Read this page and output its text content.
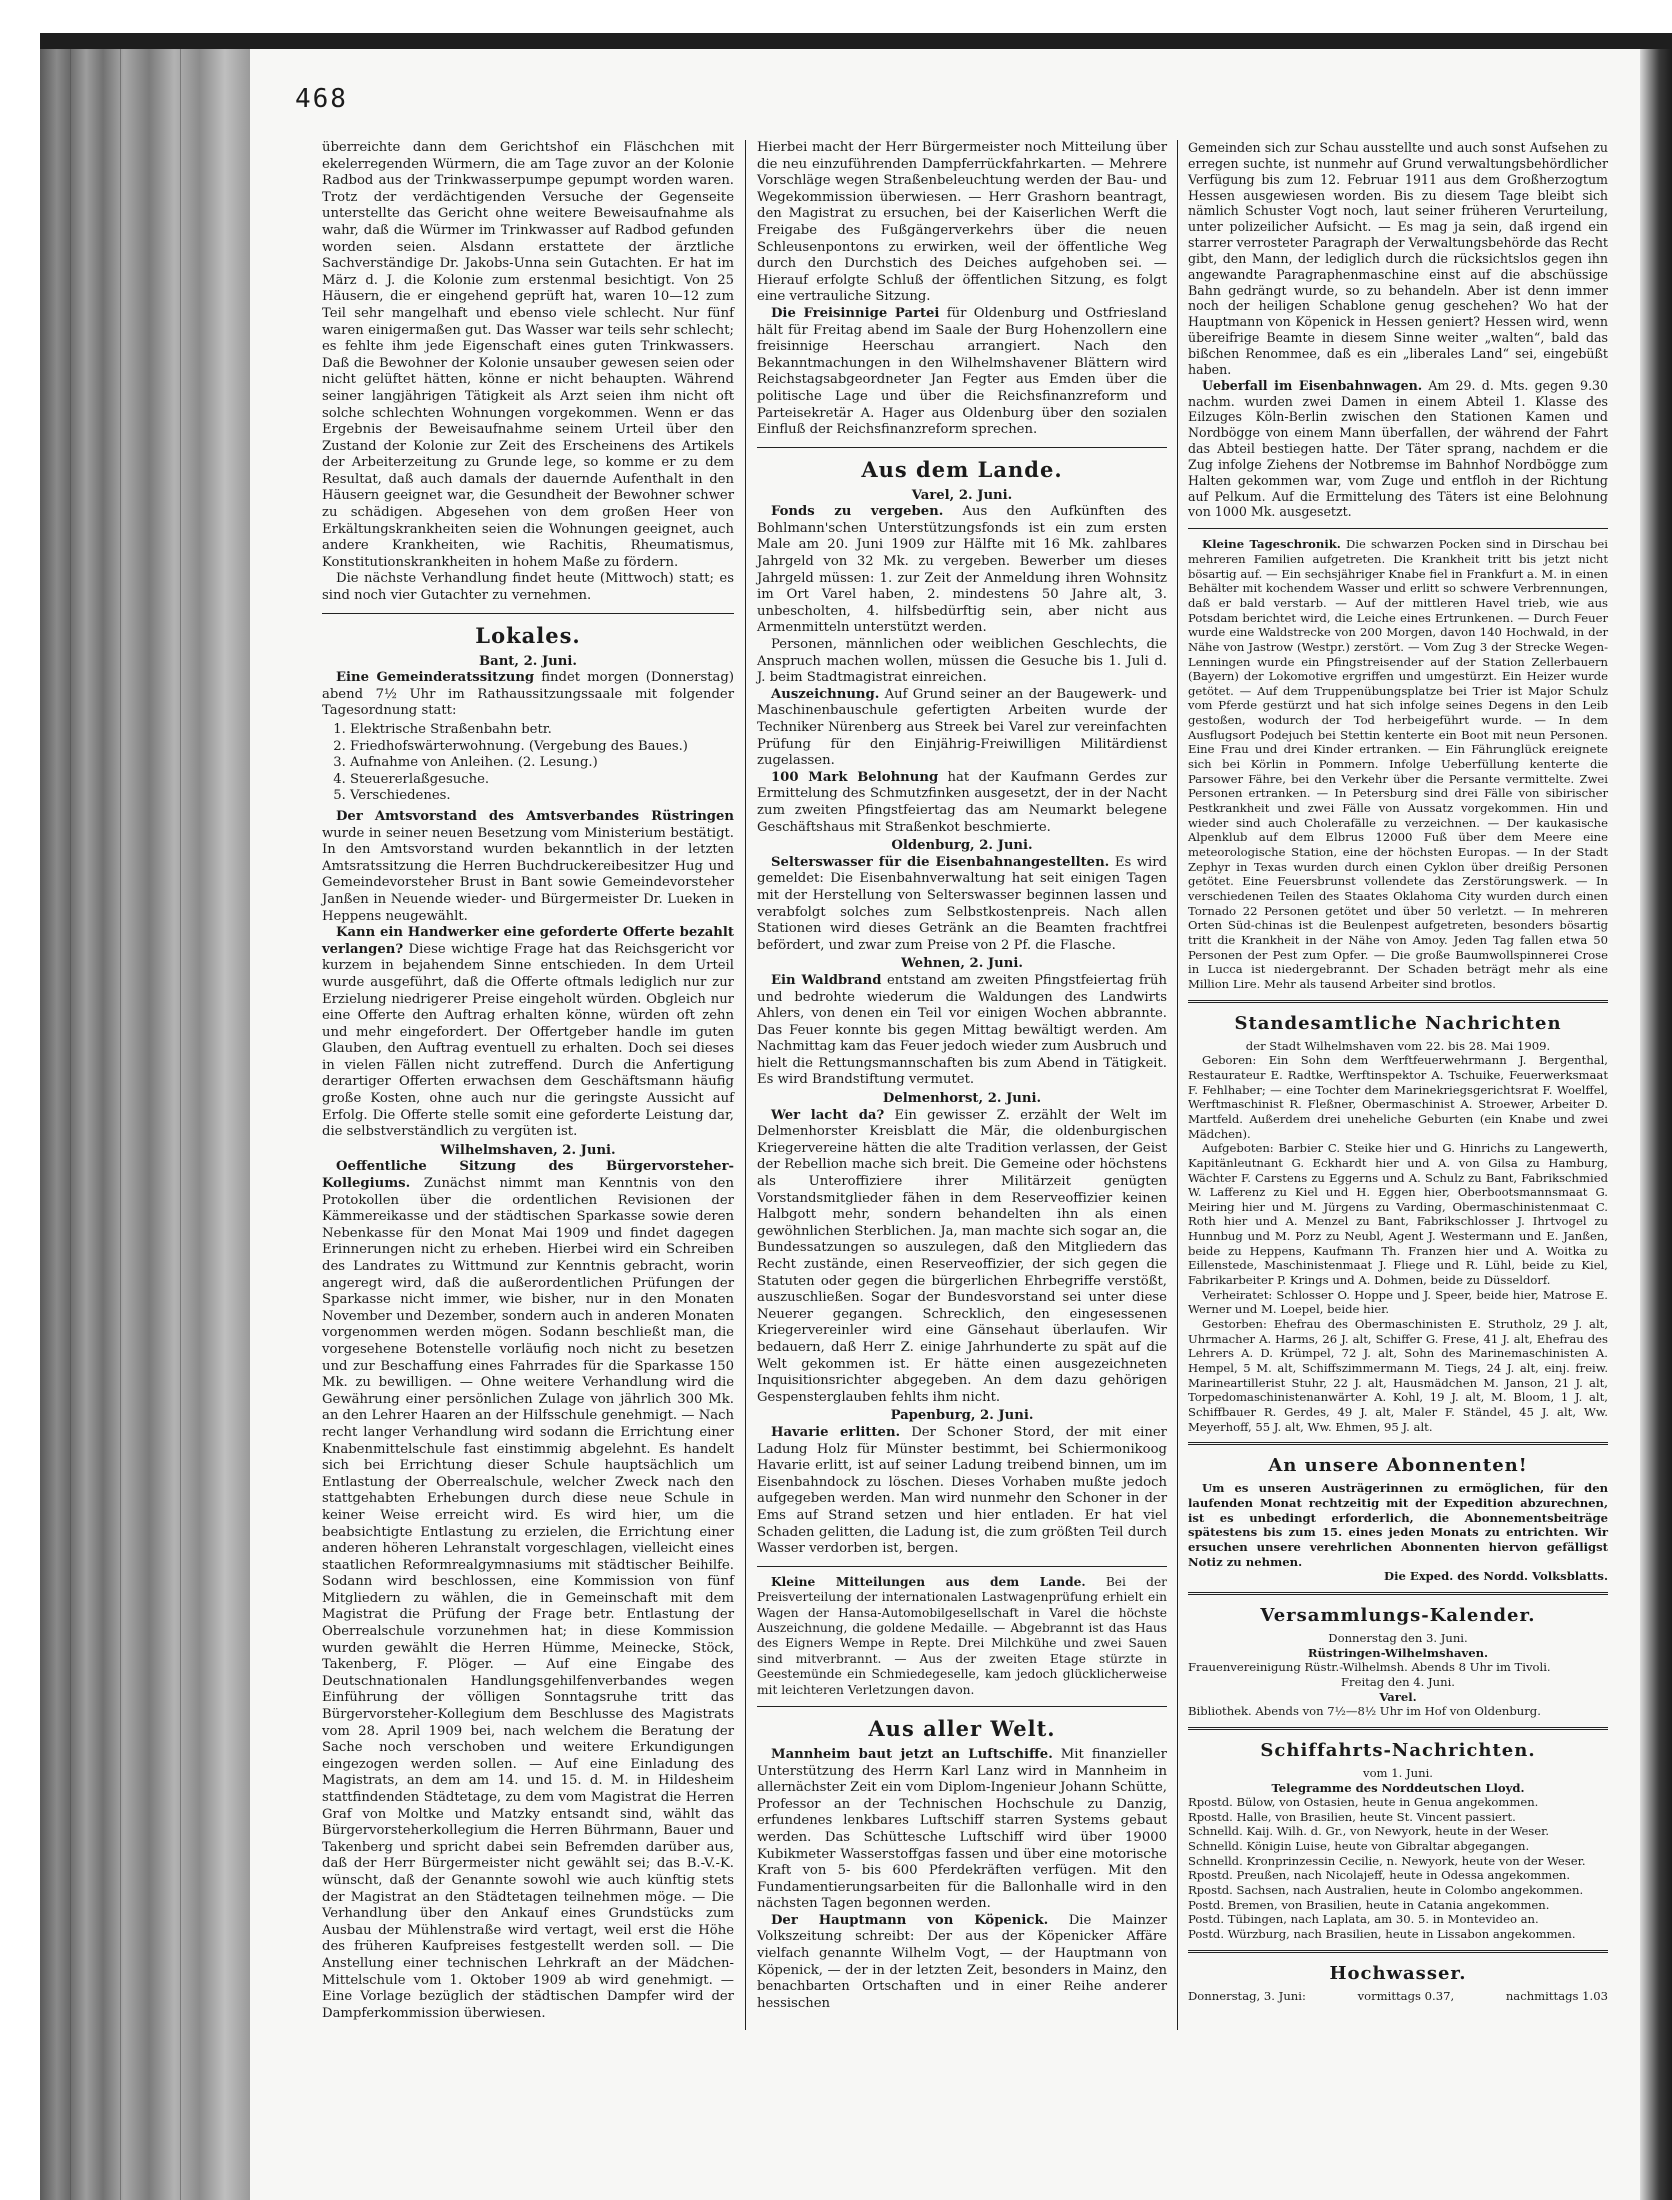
468

überreichte dann dem Gerichtshof ein Fläschchen mit ekelerregenden Würmern, die am Tage zuvor an der Kolonie Radbod aus der Trinkwasserpumpe gepumpt worden waren. Trotz der verdächtigenden Versuche der Gegenseite unterstellte das Gericht ohne weitere Beweisaufnahme als wahr, daß die Würmer im Trinkwasser auf Radbod gefunden worden seien. Alsdann erstattete der ärztliche Sachverständige Dr. Jakobs-Unna sein Gutachten. Er hat im März d. J. die Kolonie zum erstenmal besichtigt. Von 25 Häusern, die er eingehend geprüft hat, waren 10—12 zum Teil sehr mangelhaft und ebenso viele schlecht. Nur fünf waren einigermaßen gut. Das Wasser war teils sehr schlecht; es fehlte ihm jede Eigenschaft eines guten Trinkwassers. Daß die Bewohner der Kolonie unsauber gewesen seien oder nicht gelüftet hätten, könne er nicht behaupten. Während seiner langjährigen Tätigkeit als Arzt seien ihm nicht oft solche schlechten Wohnungen vorgekommen. Wenn er das Ergebnis der Beweisaufnahme seinem Urteil über den Zustand der Kolonie zur Zeit des Erscheinens des Artikels der Arbeiterzeitung zu Grunde lege, so komme er zu dem Resultat, daß auch damals der dauernde Aufenthalt in den Häusern geeignet war, die Gesundheit der Bewohner schwer zu schädigen. Abgesehen von dem großen Heer von Erkältungskrankheiten seien die Wohnungen geeignet, auch andere Krankheiten, wie Rachitis, Rheumatismus, Konstitutionskrankheiten in hohem Maße zu fördern.

Die nächste Verhandlung findet heute (Mittwoch) statt; es sind noch vier Gutachter zu vernehmen.

Lokales.
Bant, 2. Juni.

Eine Gemeinderatssitzung findet morgen (Donnerstag) abend 7½ Uhr im Rathaussitzungssaale mit folgender Tagesordnung statt:

1. Elektrische Straßenbahn betr.
2. Friedhofswärterwohnung. (Vergebung des Baues.)
3. Aufnahme von Anleihen. (2. Lesung.)
4. Steuererlaßgesuche.
5. Verschiedenes.

Der Amtsvorstand des Amtsverbandes Rüstringen wurde in seiner neuen Besetzung vom Ministerium bestätigt. In den Amtsvorstand wurden bekanntlich in der letzten Amtsratssitzung die Herren Buchdruckereibesitzer Hug und Gemeindevorsteher Brust in Bant sowie Gemeindevorsteher Janßen in Neuende wieder- und Bürgermeister Dr. Lueken in Heppens neugewählt.

Kann ein Handwerker eine geforderte Offerte bezahlt verlangen? Diese wichtige Frage hat das Reichsgericht vor kurzem in bejahendem Sinne entschieden. In dem Urteil wurde ausgeführt, daß die Offerte oftmals lediglich nur zur Erzielung niedrigerer Preise eingeholt würden. Obgleich nur eine Offerte den Auftrag erhalten könne, würden oft zehn und mehr eingefordert. Der Offertgeber handle im guten Glauben, den Auftrag eventuell zu erhalten. Doch sei dieses in vielen Fällen nicht zutreffend. Durch die Anfertigung derartiger Offerten erwachsen dem Geschäftsmann häufig große Kosten, ohne auch nur die geringste Aussicht auf Erfolg. Die Offerte stelle somit eine geforderte Leistung dar, die selbstverständlich zu vergüten ist.

Wilhelmshaven, 2. Juni.

Oeffentliche Sitzung des Bürgervorsteher-Kollegiums. Zunächst nimmt man Kenntnis von den Protokollen über die ordentlichen Revisionen der Kämmereikasse und der städtischen Sparkasse sowie deren Nebenkasse für den Monat Mai 1909 und findet dagegen Erinnerungen nicht zu erheben. Hierbei wird ein Schreiben des Landrates zu Wittmund zur Kenntnis gebracht, worin angeregt wird, daß die außerordentlichen Prüfungen der Sparkasse nicht immer, wie bisher, nur in den Monaten November und Dezember, sondern auch in anderen Monaten vorgenommen werden mögen. Sodann beschließt man, die vorgesehene Botenstelle vorläufig noch nicht zu besetzen und zur Beschaffung eines Fahrrades für die Sparkasse 150 Mk. zu bewilligen. — Ohne weitere Verhandlung wird die Gewährung einer persönlichen Zulage von jährlich 300 Mk. an den Lehrer Haaren an der Hilfsschule genehmigt. — Nach recht langer Verhandlung wird sodann die Errichtung einer Knabenmittelschule fast einstimmig abgelehnt. Es handelt sich bei Errichtung dieser Schule hauptsächlich um Entlastung der Oberrealschule, welcher Zweck nach den stattgehabten Erhebungen durch diese neue Schule in keiner Weise erreicht wird. Es wird hier, um die beabsichtigte Entlastung zu erzielen, die Errichtung einer anderen höheren Lehranstalt vorgeschlagen, vielleicht eines staatlichen Reformrealgymnasiums mit städtischer Beihilfe. Sodann wird beschlossen, eine Kommission von fünf Mitgliedern zu wählen, die in Gemeinschaft mit dem Magistrat die Prüfung der Frage betr. Entlastung der Oberrealschule vorzunehmen hat; in diese Kommission wurden gewählt die Herren Hümme, Meinecke, Stöck, Takenberg, F. Plöger. — Auf eine Eingabe des Deutschnationalen Handlungsgehilfenverbandes wegen Einführung der völligen Sonntagsruhe tritt das Bürgervorsteher-Kollegium dem Beschlusse des Magistrats vom 28. April 1909 bei, nach welchem die Beratung der Sache noch verschoben und weitere Erkundigungen eingezogen werden sollen. — Auf eine Einladung des Magistrats, an dem am 14. und 15. d. M. in Hildesheim stattfindenden Städtetage, zu dem vom Magistrat die Herren Graf von Moltke und Matzky entsandt sind, wählt das Bürgervorsteherkollegium die Herren Bührmann, Bauer und Takenberg und spricht dabei sein Befremden darüber aus, daß der Herr Bürgermeister nicht gewählt sei; das B.-V.-K. wünscht, daß der Genannte sowohl wie auch künftig stets der Magistrat an den Städtetagen teilnehmen möge. — Die Verhandlung über den Ankauf eines Grundstücks zum Ausbau der Mühlenstraße wird vertagt, weil erst die Höhe des früheren Kaufpreises festgestellt werden soll. — Die Anstellung einer technischen Lehrkraft an der Mädchen-Mittelschule vom 1. Oktober 1909 ab wird genehmigt. — Eine Vorlage bezüglich der städtischen Dampfer wird der Dampferkommission überwiesen.

Hierbei macht der Herr Bürgermeister noch Mitteilung über die neu einzuführenden Dampferrückfahrkarten. — Mehrere Vorschläge wegen Straßenbeleuchtung werden der Bau- und Wegekommission überwiesen. — Herr Grashorn beantragt, den Magistrat zu ersuchen, bei der Kaiserlichen Werft die Freigabe des Fußgängerverkehrs über die neuen Schleusenpontons zu erwirken, weil der öffentliche Weg durch den Durchstich des Deiches aufgehoben sei. — Hierauf erfolgte Schluß der öffentlichen Sitzung, es folgt eine vertrauliche Sitzung.

Die Freisinnige Partei für Oldenburg und Ostfriesland hält für Freitag abend im Saale der Burg Hohenzollern eine freisinnige Heerschau arrangiert. Nach den Bekanntmachungen in den Wilhelmshavener Blättern wird Reichstagsabgeordneter Jan Fegter aus Emden über die politische Lage und über die Reichsfinanzreform und Parteisekretär A. Hager aus Oldenburg über den sozialen Einfluß der Reichsfinanzreform sprechen.

Aus dem Lande.
Varel, 2. Juni.

Fonds zu vergeben. Aus den Aufkünften des Bohlmann'schen Unterstützungsfonds ist ein zum ersten Male am 20. Juni 1909 zur Hälfte mit 16 Mk. zahlbares Jahrgeld von 32 Mk. zu vergeben. Bewerber um dieses Jahrgeld müssen: 1. zur Zeit der Anmeldung ihren Wohnsitz im Ort Varel haben, 2. mindestens 50 Jahre alt, 3. unbescholten, 4. hilfsbedürftig sein, aber nicht aus Armenmitteln unterstützt werden.

Personen, männlichen oder weiblichen Geschlechts, die Anspruch machen wollen, müssen die Gesuche bis 1. Juli d. J. beim Stadtmagistrat einreichen.

Auszeichnung. Auf Grund seiner an der Baugewerk- und Maschinenbauschule gefertigten Arbeiten wurde der Techniker Nürenberg aus Streek bei Varel zur vereinfachten Prüfung für den Einjährig-Freiwilligen Militärdienst zugelassen.

100 Mark Belohnung hat der Kaufmann Gerdes zur Ermittelung des Schmutzfinken ausgesetzt, der in der Nacht zum zweiten Pfingstfeiertag das am Neumarkt belegene Geschäftshaus mit Straßenkot beschmierte.

Oldenburg, 2. Juni.

Selterswasser für die Eisenbahnangestellten. Es wird gemeldet: Die Eisenbahnverwaltung hat seit einigen Tagen mit der Herstellung von Selterswasser beginnen lassen und verabfolgt solches zum Selbstkostenpreis. Nach allen Stationen wird dieses Getränk an die Beamten frachtfrei befördert, und zwar zum Preise von 2 Pf. die Flasche.

Wehnen, 2. Juni.

Ein Waldbrand entstand am zweiten Pfingstfeiertag früh und bedrohte wiederum die Waldungen des Landwirts Ahlers, von denen ein Teil vor einigen Wochen abbrannte. Das Feuer konnte bis gegen Mittag bewältigt werden. Am Nachmittag kam das Feuer jedoch wieder zum Ausbruch und hielt die Rettungsmannschaften bis zum Abend in Tätigkeit. Es wird Brandstiftung vermutet.

Delmenhorst, 2. Juni.

Wer lacht da? Ein gewisser Z. erzählt der Welt im Delmenhorster Kreisblatt die Mär, die oldenburgischen Kriegervereine hätten die alte Tradition verlassen, der Geist der Rebellion mache sich breit. Die Gemeine oder höchstens als Unteroffiziere ihrer Militärzeit genügten Vorstandsmitglieder fähen in dem Reserveoffizier keinen Halbgott mehr, sondern behandelten ihn als einen gewöhnlichen Sterblichen. Ja, man machte sich sogar an, die Bundessatzungen so auszulegen, daß den Mitgliedern das Recht zustände, einen Reserveoffizier, der sich gegen die Statuten oder gegen die bürgerlichen Ehrbegriffe verstößt, auszuschließen. Sogar der Bundesvorstand sei unter diese Neuerer gegangen. Schrecklich, den eingesessenen Kriegervereinler wird eine Gänsehaut überlaufen. Wir bedauern, daß Herr Z. einige Jahrhunderte zu spät auf die Welt gekommen ist. Er hätte einen ausgezeichneten Inquisitionsrichter abgegeben. An dem dazu gehörigen Gespensterglauben fehlts ihm nicht.

Papenburg, 2. Juni.

Havarie erlitten. Der Schoner Stord, der mit einer Ladung Holz für Münster bestimmt, bei Schiermonikoog Havarie erlitt, ist auf seiner Ladung treibend binnen, um im Eisenbahndock zu löschen. Dieses Vorhaben mußte jedoch aufgegeben werden. Man wird nunmehr den Schoner in der Ems auf Strand setzen und hier entladen. Er hat viel Schaden gelitten, die Ladung ist, die zum größten Teil durch Wasser verdorben ist, bergen.

Kleine Mitteilungen aus dem Lande. Bei der Preisverteilung der internationalen Lastwagenprüfung erhielt ein Wagen der Hansa-Automobilgesellschaft in Varel die höchste Auszeichnung, die goldene Medaille. — Abgebrannt ist das Haus des Eigners Wempe in Repte. Drei Milchkühe und zwei Sauen sind mitverbrannt. — Aus der zweiten Etage stürzte in Geestemünde ein Schmiedegeselle, kam jedoch glücklicherweise mit leichteren Verletzungen davon.

Aus aller Welt.

Mannheim baut jetzt an Luftschiffe. Mit finanzieller Unterstützung des Herrn Karl Lanz wird in Mannheim in allernächster Zeit ein vom Diplom-Ingenieur Johann Schütte, Professor an der Technischen Hochschule zu Danzig, erfundenes lenkbares Luftschiff starren Systems gebaut werden. Das Schüttesche Luftschiff wird über 19000 Kubikmeter Wasserstoffgas fassen und über eine motorische Kraft von 5- bis 600 Pferdekräften verfügen. Mit den Fundamentierungsarbeiten für die Ballonhalle wird in den nächsten Tagen begonnen werden.

Der Hauptmann von Köpenick. Die Mainzer Volkszeitung schreibt: Der aus der Köpenicker Affäre vielfach genannte Wilhelm Vogt, — der Hauptmann von Köpenick, — der in der letzten Zeit, besonders in Mainz, den benachbarten Ortschaften und in einer Reihe anderer hessischen

Gemeinden sich zur Schau ausstellte und auch sonst Aufsehen zu erregen suchte, ist nunmehr auf Grund verwaltungsbehördlicher Verfügung bis zum 12. Februar 1911 aus dem Großherzogtum Hessen ausgewiesen worden. Bis zu diesem Tage bleibt sich nämlich Schuster Vogt noch, laut seiner früheren Verurteilung, unter polizeilicher Aufsicht. — Es mag ja sein, daß irgend ein starrer verrosteter Paragraph der Verwaltungsbehörde das Recht gibt, den Mann, der lediglich durch die rücksichtslos gegen ihn angewandte Paragraphenmaschine einst auf die abschüssige Bahn gedrängt wurde, so zu behandeln. Aber ist denn immer noch der heiligen Schablone genug geschehen? Wo hat der Hauptmann von Köpenick in Hessen geniert? Hessen wird, wenn übereifrige Beamte in diesem Sinne weiter „walten“, bald das bißchen Renommee, daß es ein „liberales Land“ sei, eingebüßt haben.

Ueberfall im Eisenbahnwagen. Am 29. d. Mts. gegen 9.30 nachm. wurden zwei Damen in einem Abteil 1. Klasse des Eilzuges Köln-Berlin zwischen den Stationen Kamen und Nordbögge von einem Mann überfallen, der während der Fahrt das Abteil bestiegen hatte. Der Täter sprang, nachdem er die Zug infolge Ziehens der Notbremse im Bahnhof Nordbögge zum Halten gekommen war, vom Zuge und entfloh in der Richtung auf Pelkum. Auf die Ermittelung des Täters ist eine Belohnung von 1000 Mk. ausgesetzt.

Kleine Tageschronik. Die schwarzen Pocken sind in Dirschau bei mehreren Familien aufgetreten. Die Krankheit tritt bis jetzt nicht bösartig auf. — Ein sechsjähriger Knabe fiel in Frankfurt a. M. in einen Behälter mit kochendem Wasser und erlitt so schwere Verbrennungen, daß er bald verstarb. — Auf der mittleren Havel trieb, wie aus Potsdam berichtet wird, die Leiche eines Ertrunkenen. — Durch Feuer wurde eine Waldstrecke von 200 Morgen, davon 140 Hochwald, in der Nähe von Jastrow (Westpr.) zerstört. — Vom Zug 3 der Strecke Wegen-Lenningen wurde ein Pfingstreisender auf der Station Zellerbauern (Bayern) der Lokomotive ergriffen und umgestürzt. Ein Heizer wurde getötet. — Auf dem Truppenübungsplatze bei Trier ist Major Schulz vom Pferde gestürzt und hat sich infolge seines Degens in den Leib gestoßen, wodurch der Tod herbeigeführt wurde. — In dem Ausflugsort Podejuch bei Stettin kenterte ein Boot mit neun Personen. Eine Frau und drei Kinder ertranken. — Ein Fährunglück ereignete sich bei Körlin in Pommern. Infolge Ueberfüllung kenterte die Parsower Fähre, bei den Verkehr über die Persante vermittelte. Zwei Personen ertranken. — In Petersburg sind drei Fälle von sibirischer Pestkrankheit und zwei Fälle von Aussatz vorgekommen. Hin und wieder sind auch Cholerafälle zu verzeichnen. — Der kaukasische Alpenklub auf dem Elbrus 12000 Fuß über dem Meere eine meteorologische Station, eine der höchsten Europas. — In der Stadt Zephyr in Texas wurden durch einen Cyklon über dreißig Personen getötet. Eine Feuersbrunst vollendete das Zerstörungswerk. — In verschiedenen Teilen des Staates Oklahoma City wurden durch einen Tornado 22 Personen getötet und über 50 verletzt. — In mehreren Orten Süd-chinas ist die Beulenpest aufgetreten, besonders bösartig tritt die Krankheit in der Nähe von Amoy. Jeden Tag fallen etwa 50 Personen der Pest zum Opfer. — Die große Baumwollspinnerei Crose in Lucca ist niedergebrannt. Der Schaden beträgt mehr als eine Million Lire. Mehr als tausend Arbeiter sind brotlos.

Standesamtliche Nachrichten
der Stadt Wilhelmshaven vom 22. bis 28. Mai 1909.

Geboren: Ein Sohn dem Werftfeuerwehrmann J. Bergenthal, Restaurateur E. Radtke, Werftinspektor A. Tschuike, Feuerwerksmaat F. Fehlhaber; — eine Tochter dem Marinekriegsgerichtsrat F. Woelffel, Werftmaschinist R. Fleßner, Obermaschinist A. Stroewer, Arbeiter D. Martfeld. Außerdem drei uneheliche Geburten (ein Knabe und zwei Mädchen).

Aufgeboten: Barbier C. Steike hier und G. Hinrichs zu Langewerth, Kapitänleutnant G. Eckhardt hier und A. von Gilsa zu Hamburg, Wächter F. Carstens zu Eggerns und A. Schulz zu Bant, Fabrikschmied W. Lafferenz zu Kiel und H. Eggen hier, Oberbootsmannsmaat G. Meiring hier und M. Jürgens zu Varding, Obermaschinistenmaat C. Roth hier und A. Menzel zu Bant, Fabrikschlosser J. Ihrtvogel zu Hunnbug und M. Porz zu Neubl, Agent J. Westermann und E. Janßen, beide zu Heppens, Kaufmann Th. Franzen hier und A. Woitka zu Eillenstede, Maschinistenmaat J. Fliege und R. Lühl, beide zu Kiel, Fabrikarbeiter P. Krings und A. Dohmen, beide zu Düsseldorf.

Verheiratet: Schlosser O. Hoppe und J. Speer, beide hier, Matrose E. Werner und M. Loepel, beide hier.

Gestorben: Ehefrau des Obermaschinisten E. Strutholz, 29 J. alt, Uhrmacher A. Harms, 26 J. alt, Schiffer G. Frese, 41 J. alt, Ehefrau des Lehrers A. D. Krümpel, 72 J. alt, Sohn des Marinemaschinisten A. Hempel, 5 M. alt, Schiffszimmermann M. Tiegs, 24 J. alt, einj. freiw. Marineartillerist Stuhr, 22 J. alt, Hausmädchen M. Janson, 21 J. alt, Torpedomaschinistenanwärter A. Kohl, 19 J. alt, M. Bloom, 1 J. alt, Schiffbauer R. Gerdes, 49 J. alt, Maler F. Ständel, 45 J. alt, Ww. Meyerhoff, 55 J. alt, Ww. Ehmen, 95 J. alt.

An unsere Abonnenten!

Um es unseren Austrägerinnen zu ermöglichen, für den laufenden Monat rechtzeitig mit der Expedition abzurechnen, ist es unbedingt erforderlich, die Abonnementsbeiträge spätestens bis zum 15. eines jeden Monats zu entrichten. Wir ersuchen unsere verehrlichen Abonnenten hiervon gefälligst Notiz zu nehmen.

Die Exped. des Nordd. Volksblatts.
Versammlungs-Kalender.
Donnerstag den 3. Juni.
Rüstringen-Wilhelmshaven.
Frauenvereinigung Rüstr.-Wilhelmsh. Abends 8 Uhr im Tivoli.
Freitag den 4. Juni.
Varel.
Bibliothek. Abends von 7½—8½ Uhr im Hof von Oldenburg.
Schiffahrts-Nachrichten.
vom 1. Juni.
Telegramme des Norddeutschen Lloyd.
Rpostd. Bülow, von Ostasien, heute in Genua angekommen.
Rpostd. Halle, von Brasilien, heute St. Vincent passiert.
Schnelld. Kaij. Wilh. d. Gr., von Newyork, heute in der Weser.
Schnelld. Königin Luise, heute von Gibraltar abgegangen.
Schnelld. Kronprinzessin Cecilie, n. Newyork, heute von der Weser.
Rpostd. Preußen, nach Nicolajeff, heute in Odessa angekommen.
Rpostd. Sachsen, nach Australien, heute in Colombo angekommen.
Postd. Bremen, von Brasilien, heute in Catania angekommen.
Postd. Tübingen, nach Laplata, am 30. 5. in Montevideo an.
Postd. Würzburg, nach Brasilien, heute in Lissabon angekommen.
Hochwasser.
Donnerstag, 3. Juni:	vormittags 0.37,	nachmittags 1.03
